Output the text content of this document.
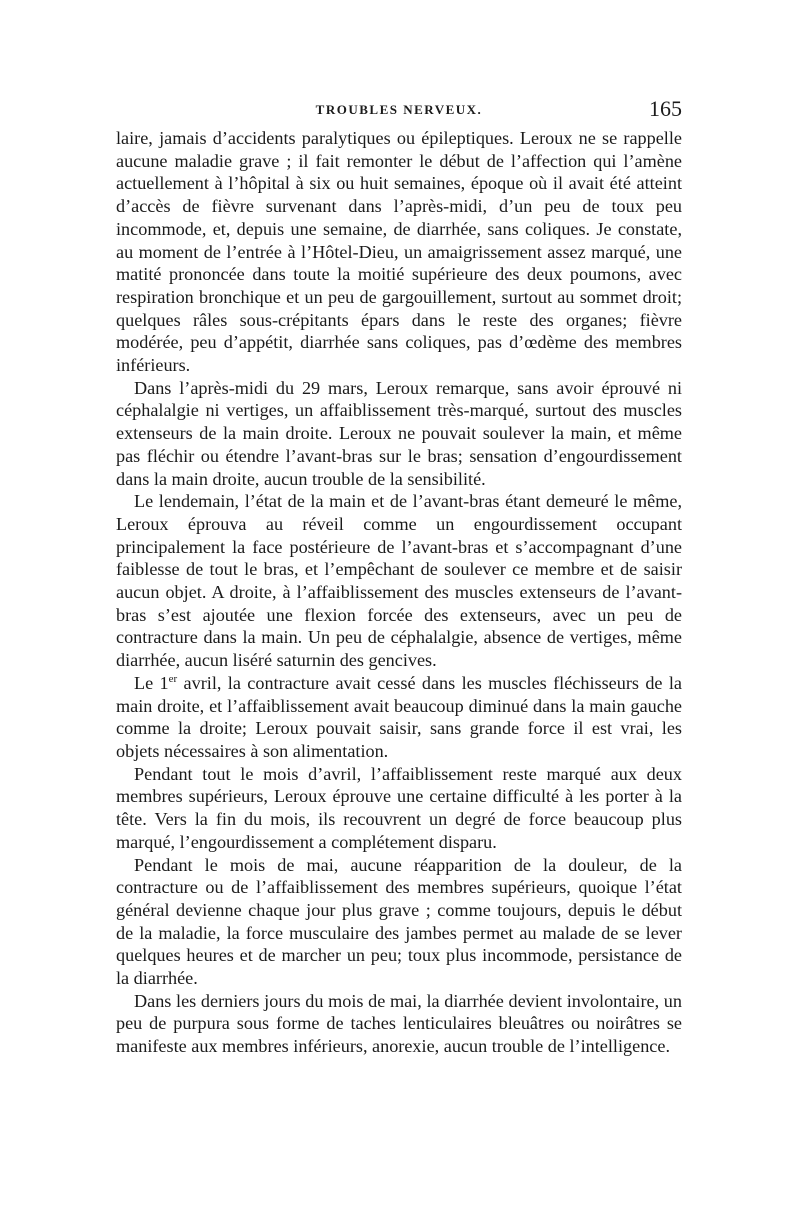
TROUBLES NERVEUX.	165

laire, jamais d’accidents paralytiques ou épileptiques. Leroux ne se rappelle aucune maladie grave ; il fait remonter le début de l’affection qui l’amène actuellement à l’hôpital à six ou huit semaines, époque où il avait été atteint d’accès de fièvre survenant dans l’après-midi, d’un peu de toux peu incommode, et, depuis une semaine, de diarrhée, sans coliques. Je constate, au moment de l’entrée à l’Hôtel-Dieu, un amaigrissement assez marqué, une matité prononcée dans toute la moitié supérieure des deux poumons, avec respiration bronchique et un peu de gargouillement, surtout au sommet droit; quelques râles sous-crépitants épars dans le reste des organes; fièvre modérée, peu d’appétit, diarrhée sans coliques, pas d’œdème des membres inférieurs.

Dans l’après-midi du 29 mars, Leroux remarque, sans avoir éprouvé ni céphalalgie ni vertiges, un affaiblissement très-marqué, surtout des muscles extenseurs de la main droite. Leroux ne pouvait soulever la main, et même pas fléchir ou étendre l’avant-bras sur le bras; sensation d’engourdissement dans la main droite, aucun trouble de la sensibilité.

Le lendemain, l’état de la main et de l’avant-bras étant demeuré le même, Leroux éprouva au réveil comme un engourdissement occupant principalement la face postérieure de l’avant-bras et s’accompagnant d’une faiblesse de tout le bras, et l’empêchant de soulever ce membre et de saisir aucun objet. A droite, à l’affaiblissement des muscles extenseurs de l’avant-bras s’est ajoutée une flexion forcée des extenseurs, avec un peu de contracture dans la main. Un peu de céphalalgie, absence de vertiges, même diarrhée, aucun liséré saturnin des gencives.

Le 1er avril, la contracture avait cessé dans les muscles fléchisseurs de la main droite, et l’affaiblissement avait beaucoup diminué dans la main gauche comme la droite; Leroux pouvait saisir, sans grande force il est vrai, les objets nécessaires à son alimentation.

Pendant tout le mois d’avril, l’affaiblissement reste marqué aux deux membres supérieurs, Leroux éprouve une certaine difficulté à les porter à la tête. Vers la fin du mois, ils recouvrent un degré de force beaucoup plus marqué, l’engourdissement a complétement disparu.

Pendant le mois de mai, aucune réapparition de la douleur, de la contracture ou de l’affaiblissement des membres supérieurs, quoique l’état général devienne chaque jour plus grave ; comme toujours, depuis le début de la maladie, la force musculaire des jambes permet au malade de se lever quelques heures et de marcher un peu; toux plus incommode, persistance de la diarrhée.

Dans les derniers jours du mois de mai, la diarrhée devient involontaire, un peu de purpura sous forme de taches lenticulaires bleuâtres ou noirâtres se manifeste aux membres inférieurs, anorexie, aucun trouble de l’intelligence.
